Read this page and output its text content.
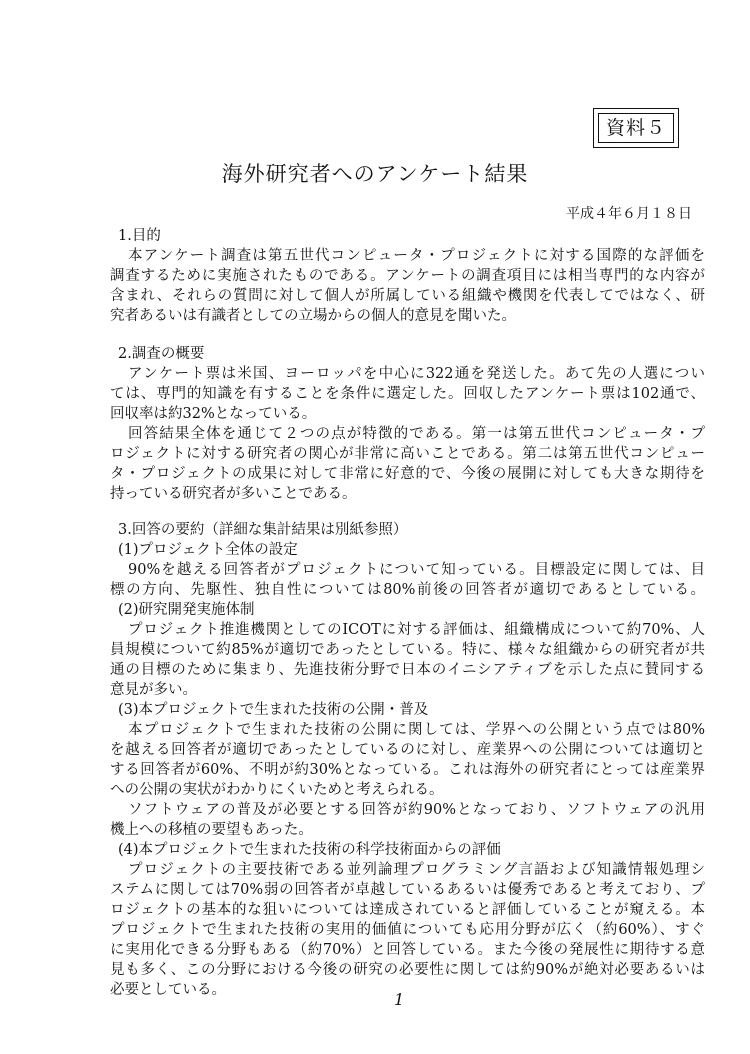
資料５
海外研究者へのアンケート結果
平成４年６月１８日
1.目的
本アンケート調査は第五世代コンピュータ・プロジェクトに対する国際的な評価を
調査するために実施されたものである。アンケートの調査項目には相当専門的な内容が
含まれ、それらの質問に対して個人が所属している組織や機関を代表してではなく、研
究者あるいは有識者としての立場からの個人的意見を聞いた。
2.調査の概要
アンケート票は米国、ヨーロッパを中心に322通を発送した。あて先の人選につい
ては、専門的知識を有することを条件に選定した。回収したアンケート票は102通で、
回収率は約32%となっている。
回答結果全体を通じて２つの点が特徴的である。第一は第五世代コンピュータ・プ
ロジェクトに対する研究者の関心が非常に高いことである。第二は第五世代コンピュー
タ・プロジェクトの成果に対して非常に好意的で、今後の展開に対しても大きな期待を
持っている研究者が多いことである。
3.回答の要約（詳細な集計結果は別紙参照）
(1)プロジェクト全体の設定
90%を越える回答者がプロジェクトについて知っている。目標設定に関しては、目
標の方向、先駆性、独自性については80%前後の回答者が適切であるとしている。
(2)研究開発実施体制
プロジェクト推進機関としてのICOTに対する評価は、組織構成について約70%、人
員規模について約85%が適切であったとしている。特に、様々な組織からの研究者が共
通の目標のために集まり、先進技術分野で日本のイニシアティブを示した点に賛同する
意見が多い。
(3)本プロジェクトで生まれた技術の公開・普及
本プロジェクトで生まれた技術の公開に関しては、学界への公開という点では80%
を越える回答者が適切であったとしているのに対し、産業界への公開については適切と
する回答者が60%、不明が約30%となっている。これは海外の研究者にとっては産業界
への公開の実状がわかりにくいためと考えられる。
ソフトウェアの普及が必要とする回答が約90%となっており、ソフトウェアの汎用
機上への移植の要望もあった。
(4)本プロジェクトで生まれた技術の科学技術面からの評価
プロジェクトの主要技術である並列論理プログラミング言語および知識情報処理シ
ステムに関しては70%弱の回答者が卓越しているあるいは優秀であると考えており、プ
ロジェクトの基本的な狙いについては達成されていると評価していることが窺える。本
プロジェクトで生まれた技術の実用的価値についても応用分野が広く（約60%）、すぐ
に実用化できる分野もある（約70%）と回答している。また今後の発展性に期待する意
見も多く、この分野における今後の研究の必要性に関しては約90%が絶対必要あるいは
必要としている。	1
